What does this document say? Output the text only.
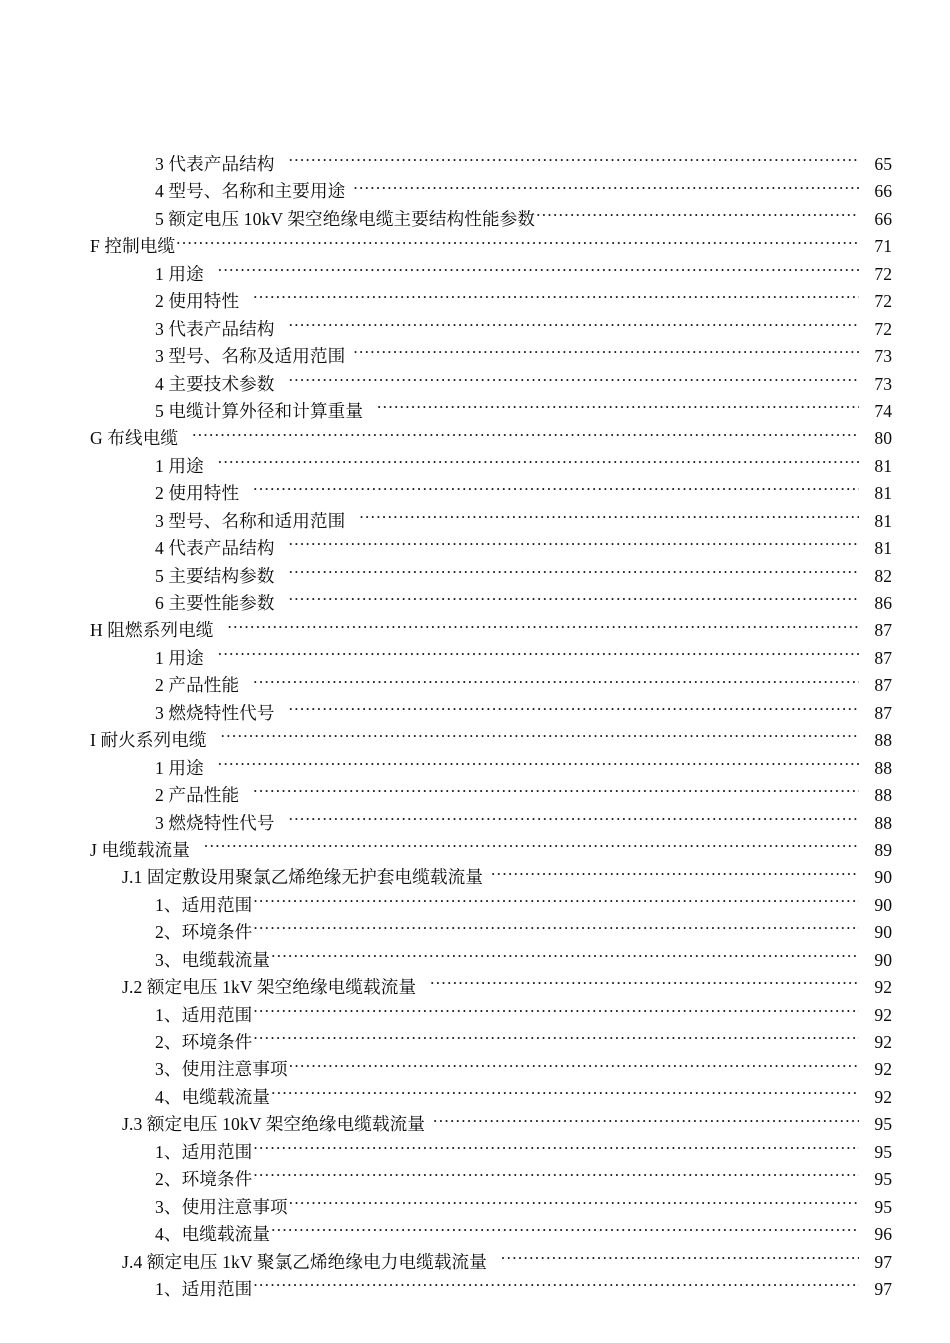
3 代表产品结构 .....	65
4 型号、名称和主要用途 .....	66
5 额定电压 10kV 架空绝缘电缆主要结构性能参数 .....	66
F 控制电缆 .....	71
1 用途 .....	72
2 使用特性 .....	72
3 代表产品结构 .....	72
3 型号、名称及适用范围 .....	73
4 主要技术参数 .....	73
5 电缆计算外径和计算重量 .....	74
G 布线电缆 .....	80
1 用途 .....	81
2 使用特性 .....	81
3 型号、名称和适用范围 .....	81
4 代表产品结构 .....	81
5 主要结构参数 .....	82
6 主要性能参数 .....	86
H 阻燃系列电缆 .....	87
1 用途 .....	87
2 产品性能 .....	87
3 燃烧特性代号 .....	87
I 耐火系列电缆 .....	88
1 用途 .....	88
2 产品性能 .....	88
3 燃烧特性代号 .....	88
J 电缆载流量 .....	89
J.1 固定敷设用聚氯乙烯绝缘无护套电缆载流量 .....	90
1、适用范围 .....	90
2、环境条件 .....	90
3、电缆载流量 .....	90
J.2 额定电压 1kV 架空绝缘电缆载流量 .....	92
1、适用范围 .....	92
2、环境条件 .....	92
3、使用注意事项 .....	92
4、电缆载流量 .....	92
J.3 额定电压 10kV 架空绝缘电缆载流量 .....	95
1、适用范围 .....	95
2、环境条件 .....	95
3、使用注意事项 .....	95
4、电缆载流量 .....	96
J.4 额定电压 1kV 聚氯乙烯绝缘电力电缆载流量 .....	97
1、适用范围 .....	97
